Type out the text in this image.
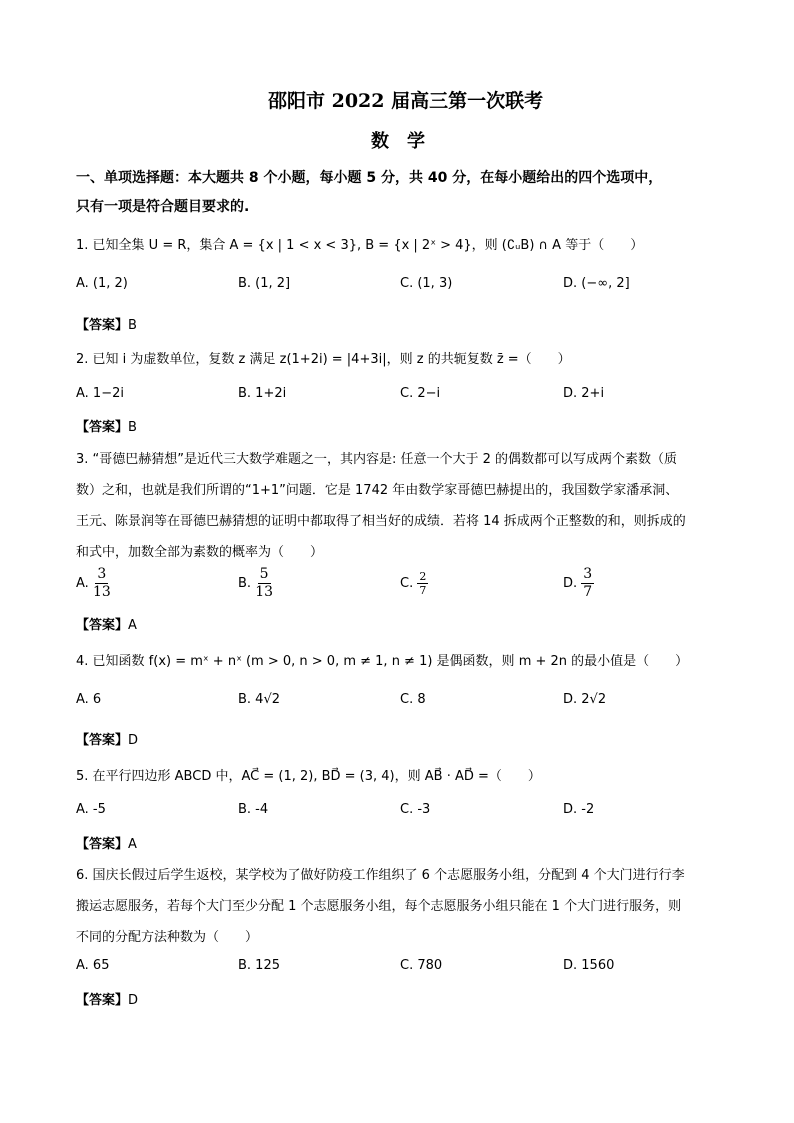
邵阳市 2022 届高三第一次联考
数　学
一、单项选择题：本大题共 8 个小题，每小题 5 分，共 40 分，在每小题给出的四个选项中，
只有一项是符合题目要求的.
1. 已知全集 U = R，集合 A = {x | 1 < x < 3}, B = {x | 2ˣ > 4}，则 (∁ᵤB) ∩ A 等于（　　）
A. (1, 2)	B. (1, 2]	C. (1, 3)	D. (−∞, 2]
【答案】B
2. 已知 i 为虚数单位，复数 z 满足 z(1+2i) = |4+3i|，则 z 的共轭复数 z̄ =（　　）
A. 1−2i	B. 1+2i	C. 2−i	D. 2+i
【答案】B
3. “哥德巴赫猜想”是近代三大数学难题之一，其内容是: 任意一个大于 2 的偶数都可以写成两个素数（质
数）之和，也就是我们所谓的“1+1”问题．它是 1742 年由数学家哥德巴赫提出的，我国数学家潘承洞、
王元、陈景润等在哥德巴赫猜想的证明中都取得了相当好的成绩．若将 14 拆成两个正整数的和，则拆成的
和式中，加数全部为素数的概率为（　　）
A. $\frac{3}{13}$	B. $\frac{5}{13}$	C. $\frac{2}{7}$	D. $\frac{3}{7}$
【答案】A
4. 已知函数 f(x) = mˣ + nˣ (m > 0, n > 0, m ≠ 1, n ≠ 1) 是偶函数，则 m + 2n 的最小值是（　　）
A. 6	B. 4√2	C. 8	D. 2√2
【答案】D
5. 在平行四边形 ABCD 中，AC⃗ = (1, 2), BD⃗ = (3, 4)，则 AB⃗ · AD⃗ =（　　）
A. -5	B. -4	C. -3	D. -2
【答案】A
6. 国庆长假过后学生返校，某学校为了做好防疫工作组织了 6 个志愿服务小组，分配到 4 个大门进行行李
搬运志愿服务，若每个大门至少分配 1 个志愿服务小组，每个志愿服务小组只能在 1 个大门进行服务，则
不同的分配方法种数为（　　）
A. 65	B. 125	C. 780	D. 1560
【答案】D
